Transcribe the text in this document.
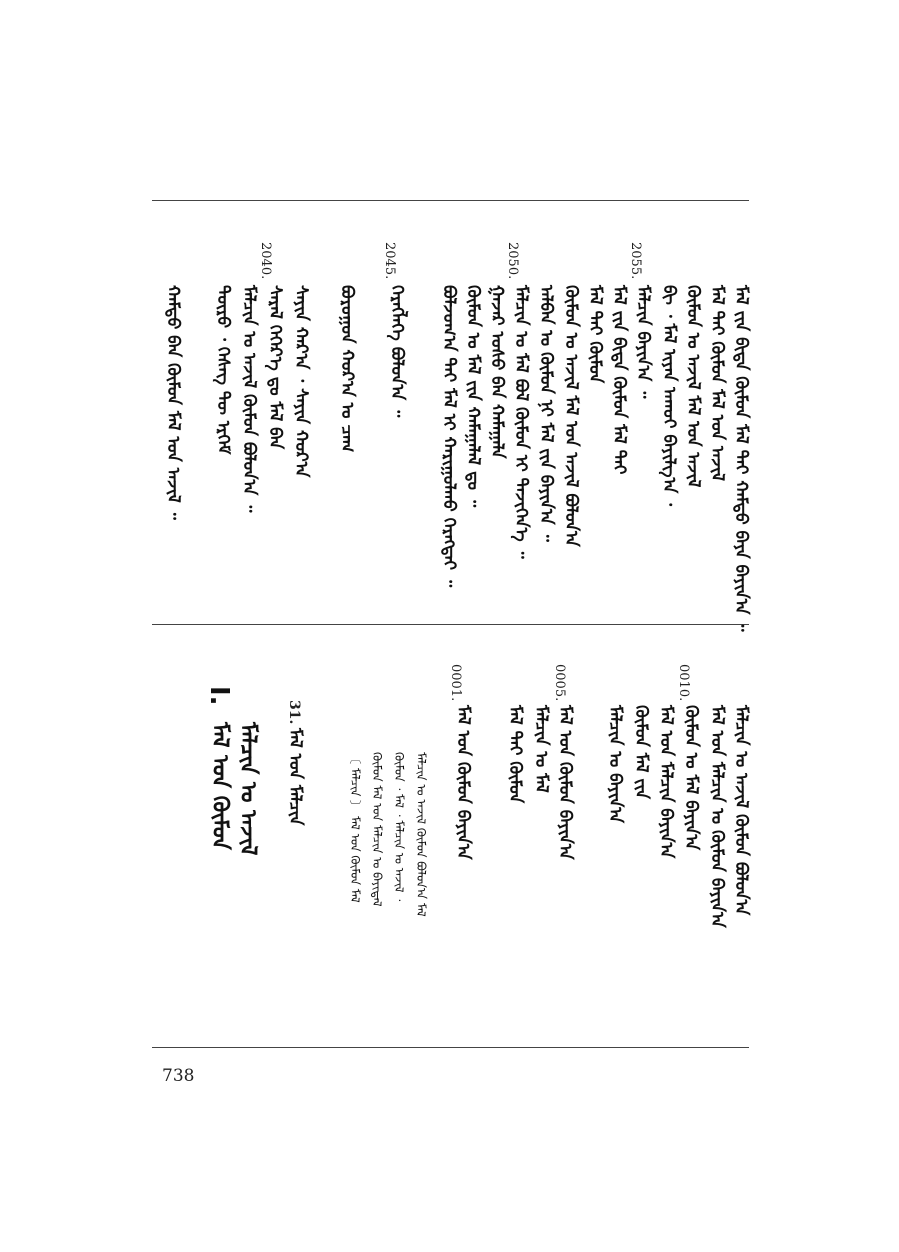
2055.
2050.
2045.
2040.
ᠮᠠᠯ ᠵᠢᠨ ᠪᠢᠳᠡ ᠬᠦᠮᠦᠨ ᠮᠠᠯ ᠲᠠᠢ ᠬᠠᠮᠲᠤ ᠪᠡᠶᠡ ᠪᠠᠶᠢᠨ᠎ᠠ ᠃
ᠮᠠᠯ ᠲᠠᠢ ᠬᠦᠮᠦᠨ ᠮᠠᠯ ᠤᠨ ᠠᠵᠢᠯ
ᠬᠦᠮᠦᠨ ᠤ ᠠᠵᠢᠯ ᠮᠠᠯ ᠤᠨ ᠠᠵᠢᠯ
ᠪᠢ ᠂ ᠮᠠᠯ ᠢᠶᠠᠨ ᠠᠬᠤᠢ ᠪᠠᠶᠢᠯᠭ᠎ᠠ ᠂
ᠮᠠᠯᠴᠢᠨ ᠪᠠᠶᠢᠨ᠎ᠠ ᠃
ᠮᠠᠯ ᠵᠢᠨ ᠪᠢᠳᠡ ᠬᠦᠮᠦᠨ ᠮᠠᠯ ᠲᠠᠢ
ᠮᠠᠯ ᠲᠠᠢ ᠬᠦᠮᠦᠨ
ᠬᠦᠮᠦᠨ ᠤ ᠠᠵᠢᠯ ᠮᠠᠯ ᠤᠨ ᠠᠵᠢᠯ ᠪᠣᠯᠤᠨ᠎ᠠ
ᠠᠯᠪᠠᠨ ᠤ ᠬᠦᠮᠦᠨ ᠨᠢ ᠮᠠᠯ ᠵᠢᠨ ᠪᠠᠶᠢᠨ᠎ᠠ ᠃
ᠮᠠᠯᠴᠢᠨ ᠤ ᠮᠠᠯ ᠪᠣᠯ ᠬᠦᠮᠦᠨ ᠢ ᠲᠡᠵᠢᠭᠡᠨ᠎ᠡ ᠃
ᠭᠠᠵᠠᠷ ᠤᠰᠤ ᠪᠡᠨ ᠬᠠᠮᠠᠭᠠᠯᠠ
ᠬᠦᠮᠦᠨ ᠤ ᠮᠠᠯ ᠵᠢᠨ ᠬᠠᠮᠠᠭᠠᠯᠠᠯ ᠳᠤ ᠃
ᠪᠣᠯᠵᠣᠭ᠎ᠠ ᠲᠠᠢ ᠮᠠᠯ ᠢ ᠬᠠᠷᠢᠭᠤᠯᠬᠤ ᠬᠡᠷᠡᠭᠲᠡᠢ ᠃
ᠬᠡᠷᠡᠭᠯᠡᠭᠡ ᠪᠣᠯᠤᠨ᠎ᠠ ᠃
ᠪᠣᠷᠣᠭᠣᠨ ᠬᠤᠷ᠎ᠠ ᠤ ᠴᠠᠭ
ᠰᠠᠶᠢᠨ ᠬᠠᠷ᠎ᠠ ᠂ ᠰᠠᠶᠢᠨ ᠬᠤᠷ᠎ᠠ
ᠰᠠᠷᠠᠯ ᠬᠡᠭᠡᠷ᠎ᠡ ᠳᠤ ᠮᠠᠯ ᠪᠡᠨ
ᠮᠠᠯᠴᠢᠨ ᠤ ᠠᠵᠢᠯ ᠬᠦᠮᠦᠨ ᠪᠣᠯᠤᠨ᠎ᠠ ᠃
ᠲᠦᠷᠦ ᠂ ᠬᠡᠰᠡᠭ ᠲᠦ ᠡᠷᠬᠡᠮ
ᠬᠠᠮᠲᠤ ᠪᠡᠨ ᠬᠦᠮᠦᠨ ᠮᠠᠯ ᠤᠨ ᠠᠵᠢᠯ ᠃
0010.
0005.
0001.
ᠮᠠᠯᠴᠢᠨ ᠤ ᠠᠵᠢᠯ ᠬᠦᠮᠦᠨ ᠪᠣᠯᠤᠨ᠎ᠠ
ᠮᠠᠯ ᠤᠨ ᠮᠠᠯᠴᠢᠨ ᠤ ᠬᠦᠮᠦᠨ ᠪᠠᠶᠢᠨ᠎ᠠ
ᠬᠦᠮᠦᠨ ᠤ ᠮᠠᠯ ᠪᠠᠶᠢᠨ᠎ᠠ
ᠮᠠᠯ ᠤᠨ ᠮᠠᠯᠴᠢᠨ ᠪᠠᠶᠢᠨ᠎ᠠ
ᠬᠦᠮᠦᠨ ᠮᠠᠯ ᠵᠢᠨ
ᠮᠠᠯᠴᠢᠨ ᠤ ᠪᠠᠶᠢᠨ᠎ᠠ
ᠮᠠᠯ ᠤᠨ ᠬᠦᠮᠦᠨ ᠪᠠᠶᠢᠨ᠎ᠠ
ᠮᠠᠯᠴᠢᠨ ᠤ ᠮᠠᠯ
ᠮᠠᠯ ᠲᠠᠢ ᠬᠦᠮᠦᠨ
ᠮᠠᠯ ᠤᠨ ᠬᠦᠮᠦᠨ ᠪᠠᠶᠢᠨ᠎ᠠ
ᠮᠠᠯᠴᠢᠨ ᠤ ᠠᠵᠢᠯ ᠬᠦᠮᠦᠨ ᠪᠣᠯᠤᠨ᠎ᠠ ᠮᠠᠯ
ᠬᠦᠮᠦᠨ ᠂ ᠮᠠᠯ ᠂ ᠮᠠᠯᠴᠢᠨ ᠤ ᠠᠵᠢᠯ ᠂
ᠬᠦᠮᠦᠨ ᠮᠠᠯ ᠤᠨ ᠮᠠᠯᠴᠢᠨ ᠤ ᠪᠠᠶᠢᠳᠠᠯ
〔 ᠮᠠᠯᠴᠢᠨ 〕 ᠮᠠᠯ ᠤᠨ ᠬᠦᠮᠦᠨ ᠮᠠᠯ
31.
ᠮᠠᠯ ᠤᠨ ᠮᠠᠯᠴᠢᠨ
ᠮᠠᠯᠴᠢᠨ ᠤ ᠠᠵᠢᠯ
I.
ᠮᠠᠯ ᠤᠨ ᠬᠦᠮᠦᠨ
738
